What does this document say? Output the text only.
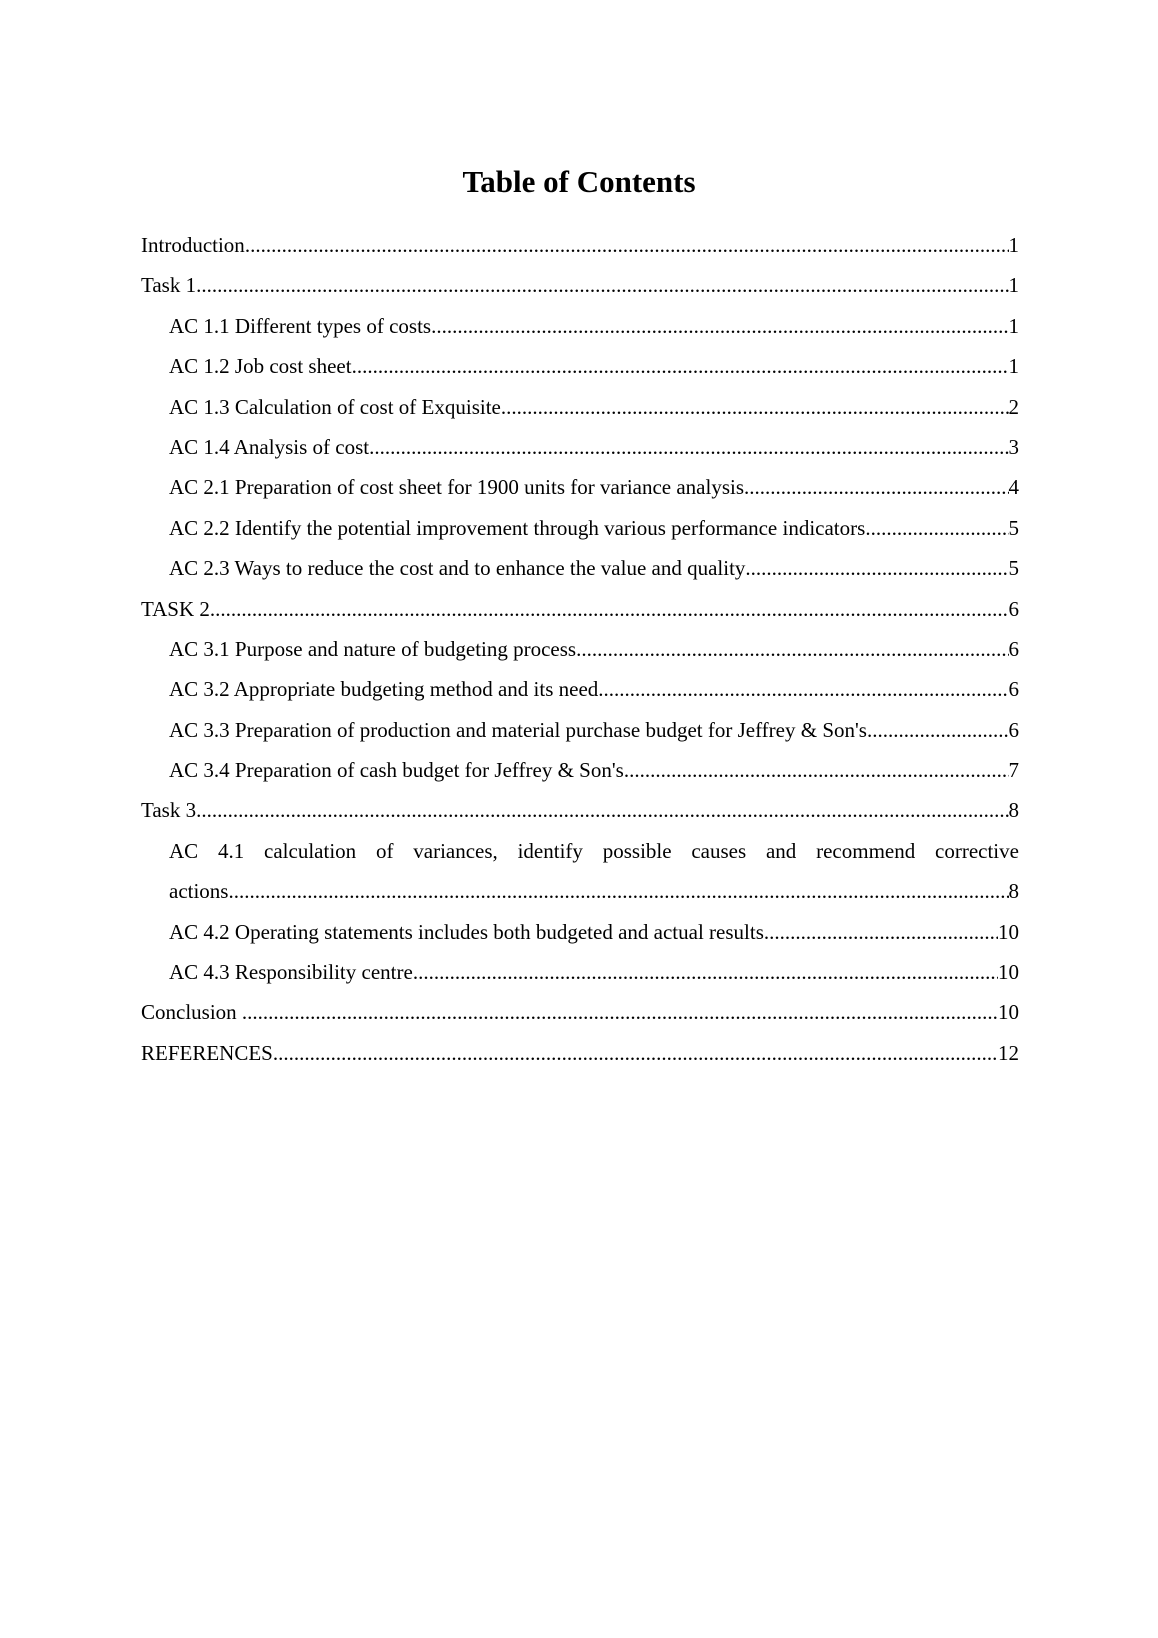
Table of Contents
Introduction .....	1
Task 1 .....	1
AC 1.1 Different types of costs .....	1
AC 1.2 Job cost sheet .....	1
AC 1.3 Calculation of cost of Exquisite .....	2
AC 1.4 Analysis of cost .....	3
AC 2.1 Preparation of cost sheet for 1900 units for variance analysis .....	4
AC 2.2 Identify the potential improvement through various performance indicators .....	5
AC 2.3 Ways to reduce the cost and to enhance the value and quality .....	5
TASK 2 .....	6
AC 3.1 Purpose and nature of budgeting process .....	6
AC 3.2 Appropriate budgeting method and its need .....	6
AC 3.3 Preparation of production and material purchase budget for Jeffrey & Son's .....	6
AC 3.4 Preparation of cash budget for Jeffrey & Son's .....	7
Task 3 .....	8
AC 4.1 calculation of variances, identify possible causes and recommend corrective
actions .....	8
AC 4.2 Operating statements includes both budgeted and actual results .....	10
AC 4.3 Responsibility centre .....	10
Conclusion .....	10
REFERENCES .....	12
